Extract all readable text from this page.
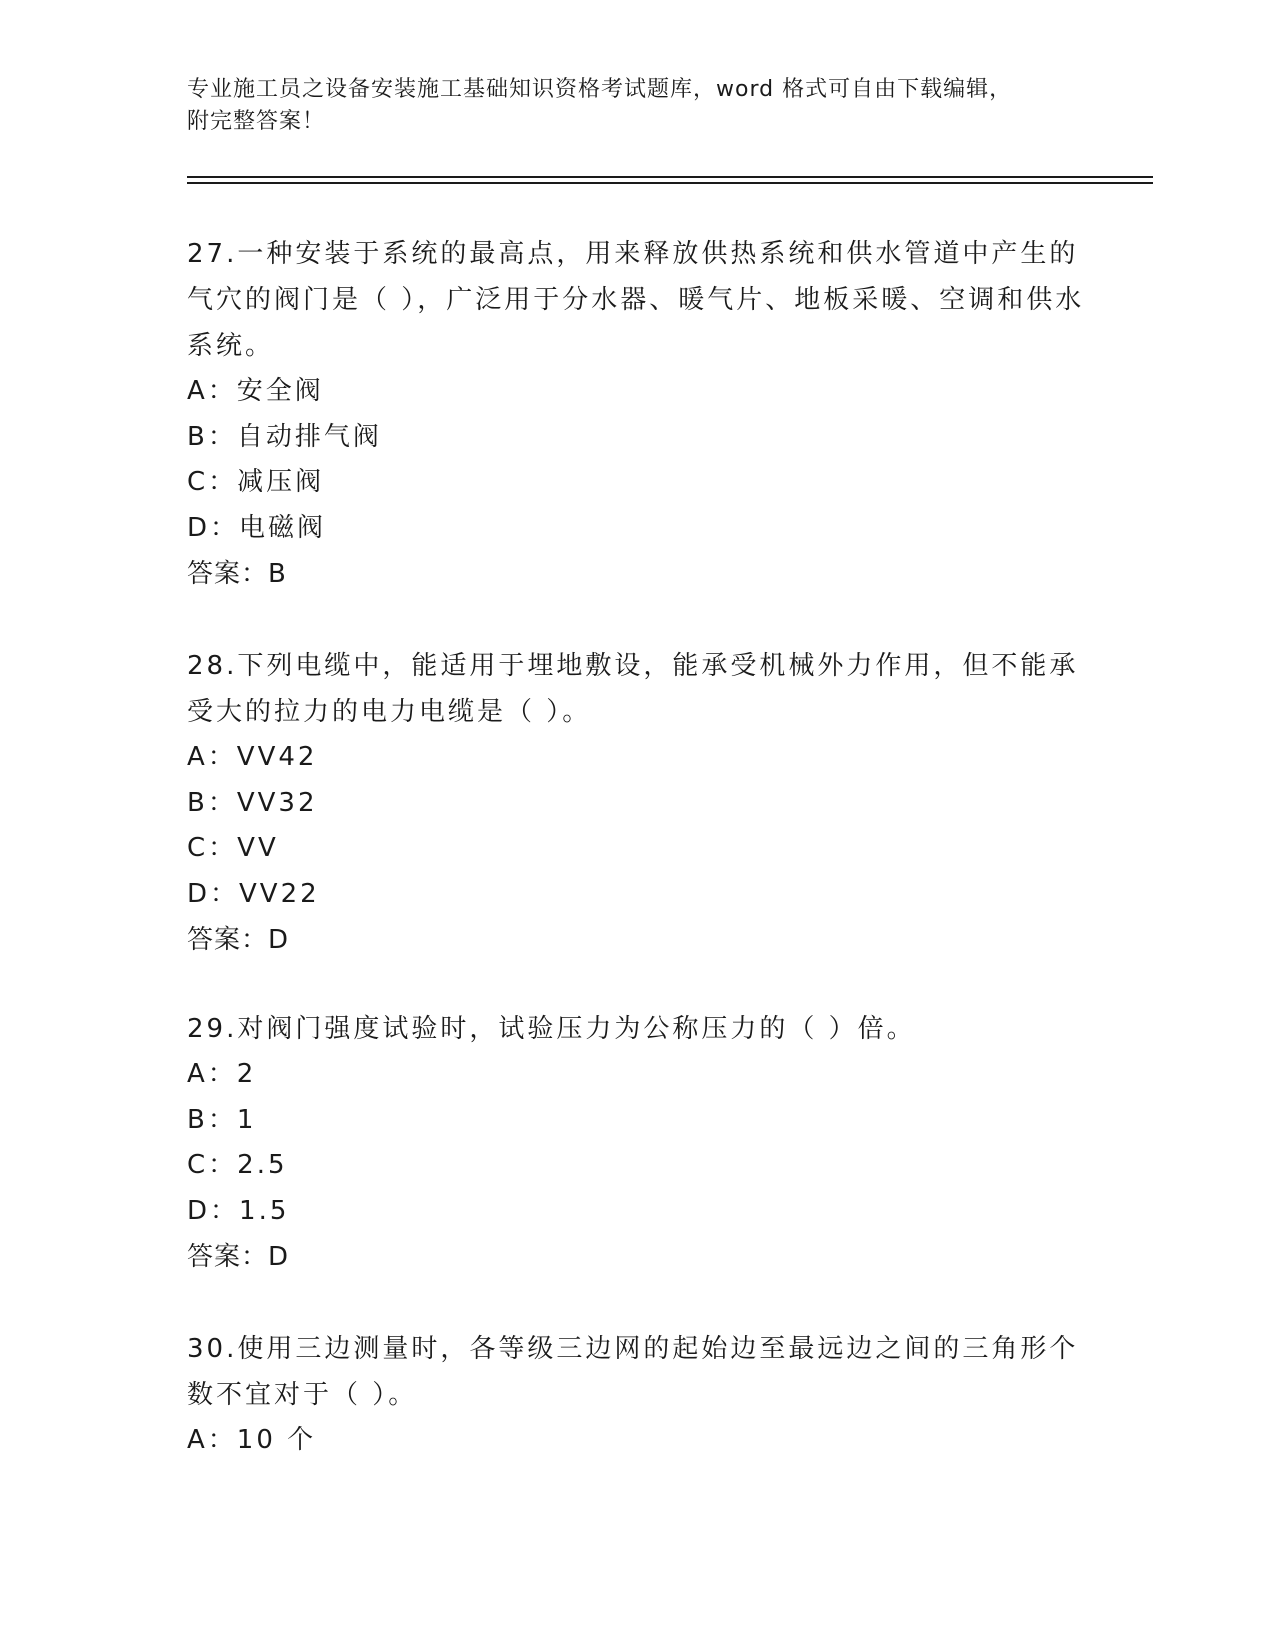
专业施工员之设备安装施工基础知识资格考试题库，word 格式可自由下载编辑，
附完整答案！
27.一种安装于系统的最高点，用来释放供热系统和供水管道中产生的气穴的阀门是（ ），广泛用于分水器、暖气片、地板采暖、空调和供水系统。
A：安全阀
B：自动排气阀
C：减压阀
D：电磁阀
答案：B
28.下列电缆中，能适用于埋地敷设，能承受机械外力作用，但不能承受大的拉力的电力电缆是（ ）。
A：VV42
B：VV32
C：VV
D：VV22
答案：D
29.对阀门强度试验时，试验压力为公称压力的（ ）倍。
A：2
B：1
C：2.5
D：1.5
答案：D
30.使用三边测量时，各等级三边网的起始边至最远边之间的三角形个数不宜对于（ ）。
A：10 个
